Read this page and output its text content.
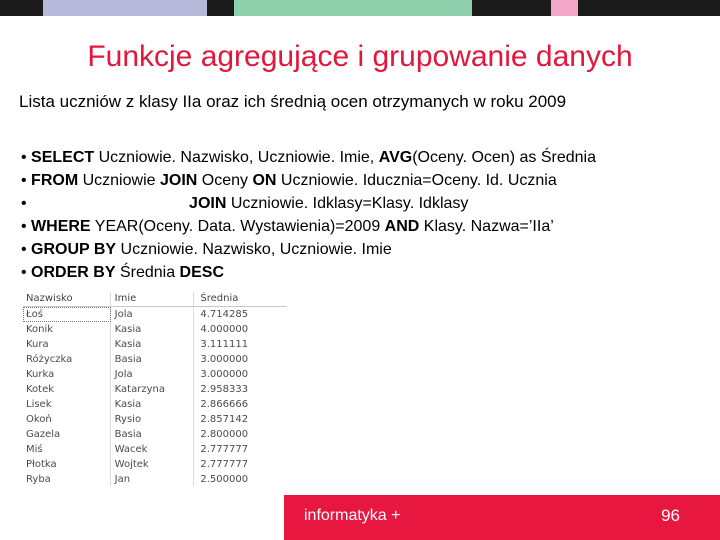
Funkcje agregujące i grupowanie danych
Lista uczniów z klasy IIa oraz ich średnią ocen otrzymanych w roku 2009
• SELECT Uczniowie. Nazwisko, Uczniowie. Imie, AVG(Oceny. Ocen) as Średnia
• FROM Uczniowie JOIN Oceny ON Uczniowie. Iducznia=Oceny. Id. Ucznia
•	JOIN Uczniowie. Idklasy=Klasy. Idklasy
• WHERE YEAR(Oceny. Data. Wystawienia)=2009 AND Klasy. Nazwa=’IIa’
• GROUP BY Uczniowie. Nazwisko, Uczniowie. Imie
• ORDER BY Średnia DESC
Nazwisko	Imie	Średnia
Łoś	Jola	4.714285
Konik	Kasia	4.000000
Kura	Kasia	3.111111
Różyczka	Basia	3.000000
Kurka	Jola	3.000000
Kotek	Katarzyna	2.958333
Lisek	Kasia	2.866666
Okoń	Rysio	2.857142
Gazela	Basia	2.800000
Miś	Wacek	2.777777
Płotka	Wojtek	2.777777
Ryba	Jan	2.500000
informatyka +	96
